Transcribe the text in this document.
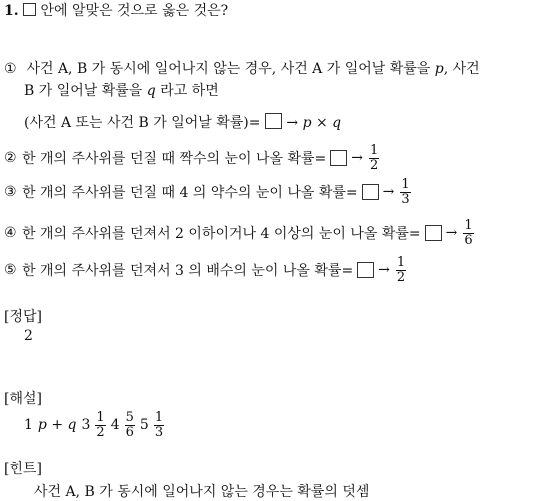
1. 안에 알맞은 것으로 옳은 것은?
① 사건 A, B 가 동시에 일어나지 않는 경우, 사건 A 가 일어날 확률을 p, 사건
B 가 일어날 확률을 q 라고 하면
(사건 A 또는 사건 B 가 일어날 확률)= → p × q
② 한 개의 주사위를 던질 때 짝수의 눈이 나올 확률= → $\frac{1}{2}$
③ 한 개의 주사위를 던질 때 4 의 약수의 눈이 나올 확률= → $\frac{1}{3}$
④ 한 개의 주사위를 던져서 2 이하이거나 4 이상의 눈이 나올 확률= → $\frac{1}{6}$
⑤ 한 개의 주사위를 던져서 3 의 배수의 눈이 나올 확률= → $\frac{1}{2}$
[정답]
2
[해설]
1 p + q $3 \frac{1}{2} 4 \frac{5}{6} 5 \frac{1}{3}$
[힌트]
사건 A, B 가 동시에 일어나지 않는 경우는 확률의 덧셈
